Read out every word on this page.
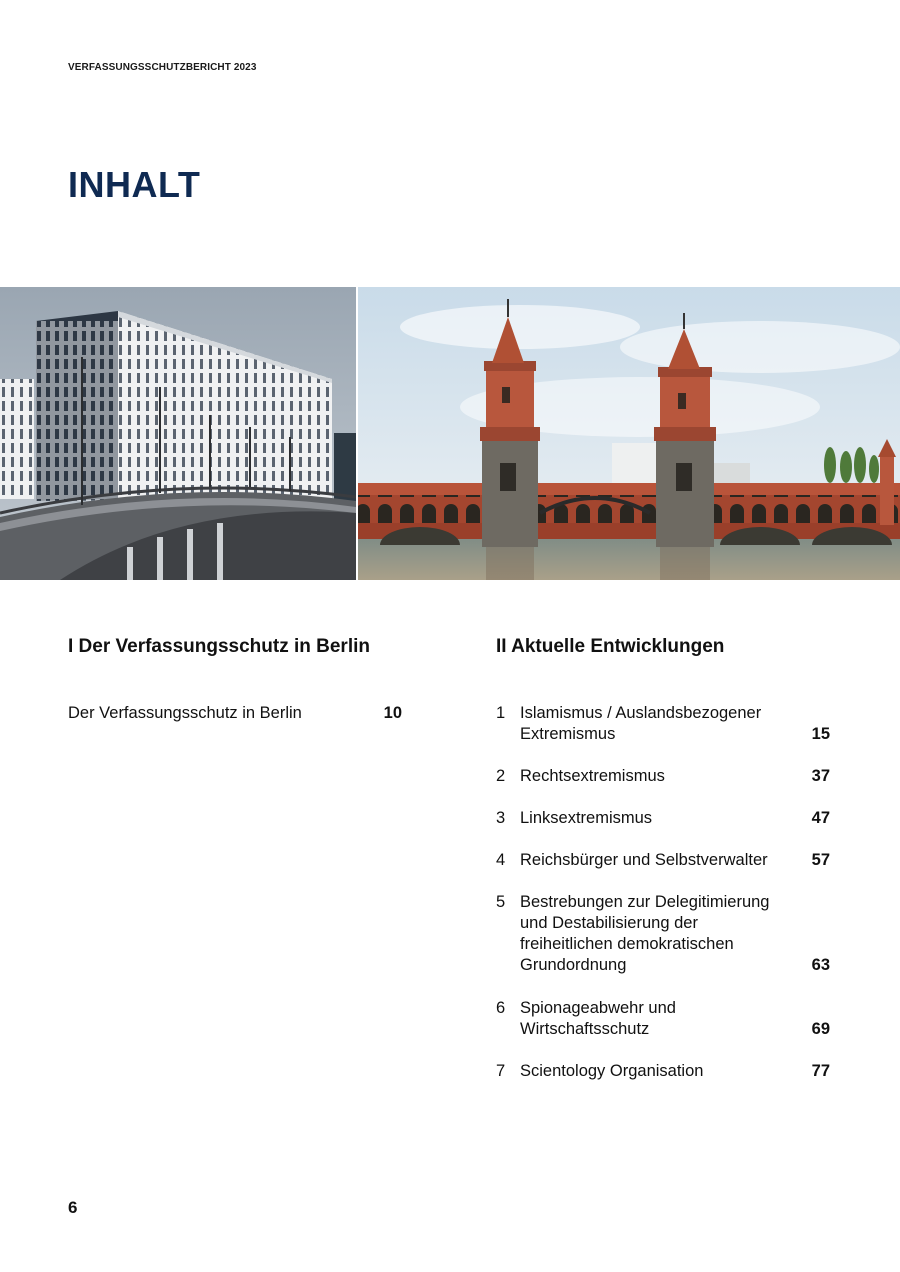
VERFASSUNGSSCHUTZBERICHT 2023
INHALT
I Der Verfassungsschutz in Berlin
Der Verfassungsschutz in Berlin	10
II Aktuelle Entwicklungen
1 Islamismus / Auslandsbezogener Extremismus	15
2 Rechtsextremismus	37
3 Linksextremismus	47
4 Reichsbürger und Selbstverwalter	57
5 Bestrebungen zur Delegitimierung und Destabilisierung der freiheitlichen demokratischen Grundordnung	63
6 Spionageabwehr und Wirtschaftsschutz	69
7 Scientology Organisation	77
6
